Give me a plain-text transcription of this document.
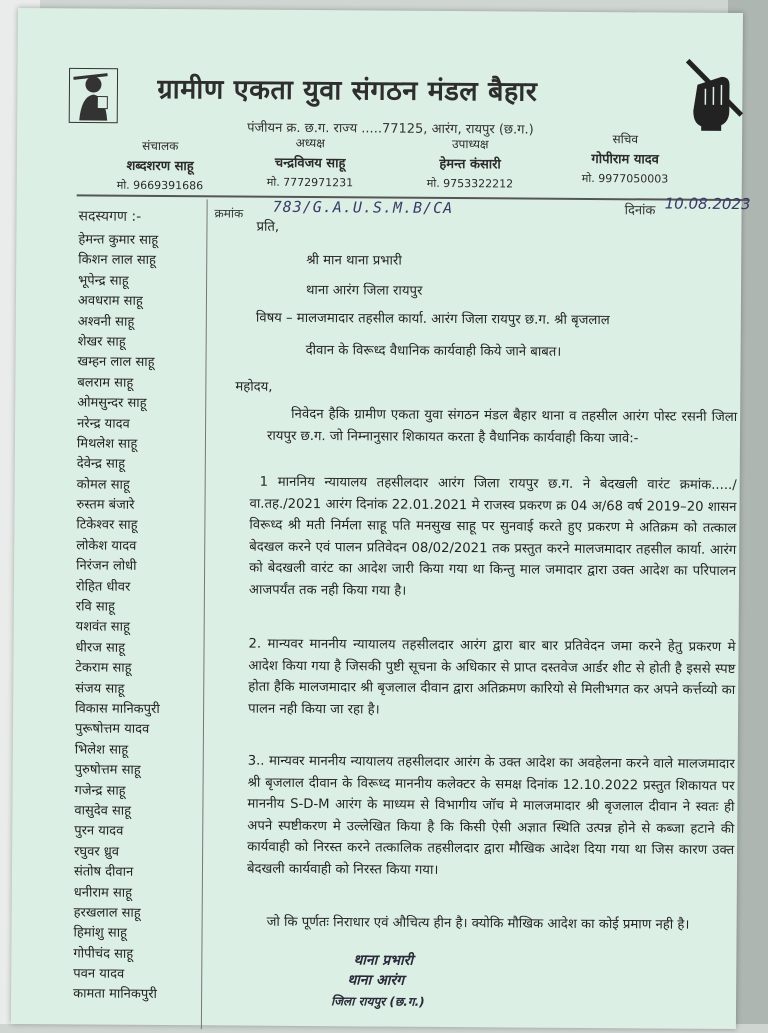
ग्रामीण एकता युवा संगठन मंडल बैहार
पंजीयन क्र. छ.ग. राज्य .....77125, आरंग, रायपुर (छ.ग.)
संचालक
शब्दशरण साहू
मो. 9669391686
अध्यक्ष
चन्द्रविजय साहू
मो. 7772971231
उपाध्यक्ष
हेमन्त कंसारी
मो. 9753322212
सचिव
गोपीराम यादव
मो. 9977050003
सदस्यगण :-
हेमन्त कुमार साहू
किशन लाल साहू
भूपेन्द्र साहू
अवधराम साहू
अश्वनी साहू
शेखर साहू
खम्हन लाल साहू
बलराम साहू
ओमसुन्दर साहू
नरेन्द्र यादव
मिथलेश साहू
देवेन्द्र साहू
कोमल साहू
रुस्तम बंजारे
टिकेश्वर साहू
लोकेश यादव
निरंजन लोधी
रोहित धीवर
रवि साहू
यशवंत साहू
धीरज साहू
टेकराम साहू
संजय साहू
विकास मानिकपुरी
पुरूषोत्तम यादव
भिलेश साहू
पुरुषोत्तम साहू
गजेन्द्र साहू
वासुदेव साहू
पुरन यादव
रघुवर ध्रुव
संतोष दीवान
धनीराम साहू
हरखलाल साहू
हिमांशु साहू
गोपीचंद साहू
पवन यादव
कामता मानिकपुरी
क्रमांक 783/G.A.U.S.M.B/CA	दिनांक 10.08.2023
प्रति,
श्री मान थाना प्रभारी
थाना आरंग जिला रायपुर
विषय – मालजमादार तहसील कार्या. आरंग जिला रायपुर छ.ग. श्री बृजलाल
दीवान के विरूध्द वैधानिक कार्यवाही किये जाने बाबत।
महोदय,
निवेदन हैकि ग्रामीण एकता युवा संगठन मंडल बैहार थाना व तहसील आरंग पोस्ट रसनी जिला रायपुर छ.ग. जो निम्नानुसार शिकायत करता है वैधानिक कार्यवाही किया जावे:-
1 माननिय न्यायालय तहसीलदार आरंग जिला रायपुर छ.ग. ने बेदखली वारंट क्रमांक...../वा.तह./2021 आरंग दिनांक 22.01.2021 मे राजस्व प्रकरण क्र 04 अ/68 वर्ष 2019–20 शासन विरूध्द श्री मती निर्मला साहू पति मनसुख साहू पर सुनवाई करते हुए प्रकरण मे अतिक्रम को तत्काल बेदखल करने एवं पालन प्रतिवेदन 08/02/2021 तक प्रस्तुत करने मालजमादार तहसील कार्या. आरंग को बेदखली वारंट का आदेश जारी किया गया था किन्तु माल जमादार द्वारा उक्त आदेश का परिपालन आजपर्यंत तक नही किया गया है।
2. मान्यवर माननीय न्यायालय तहसीलदार आरंग द्वारा बार बार प्रतिवेदन जमा करने हेतु प्रकरण मे आदेश किया गया है जिसकी पुष्टी सूचना के अधिकार से प्राप्त दस्तवेज आर्डर शीट से होती है इससे स्पष्ट होता हैकि मालजमादार श्री बृजलाल दीवान द्वारा अतिक्रमण कारियो से मिलीभगत कर अपने कर्त्तव्यो का पालन नही किया जा रहा है।
3.. मान्यवर माननीय न्यायालय तहसीलदार आरंग के उक्त आदेश का अवहेलना करने वाले मालजमादार श्री बृजलाल दीवान के विरूध्द माननीय कलेक्टर के समक्ष दिनांक 12.10.2022 प्रस्तुत शिकायत पर माननीय S-D-M आरंग के माध्यम से विभागीय जॉच मे मालजमादार श्री बृजलाल दीवान ने स्वतः ही अपने स्पष्टीकरण मे उल्लेखित किया है कि किसी ऐसी अज्ञात स्थिति उत्पन्न होने से कब्जा हटाने की कार्यवाही को निरस्त करने तत्कालिक तहसीलदार द्वारा मौखिक आदेश दिया गया था जिस कारण उक्त बेदखली कार्यवाही को निरस्त किया गया।
जो कि पूर्णतः निराधार एवं औचित्य हीन है। क्योकि मौखिक आदेश का कोई प्रमाण नही है।
थाना प्रभारी
थाना आरंग
जिला रायपुर (छ.ग.)
